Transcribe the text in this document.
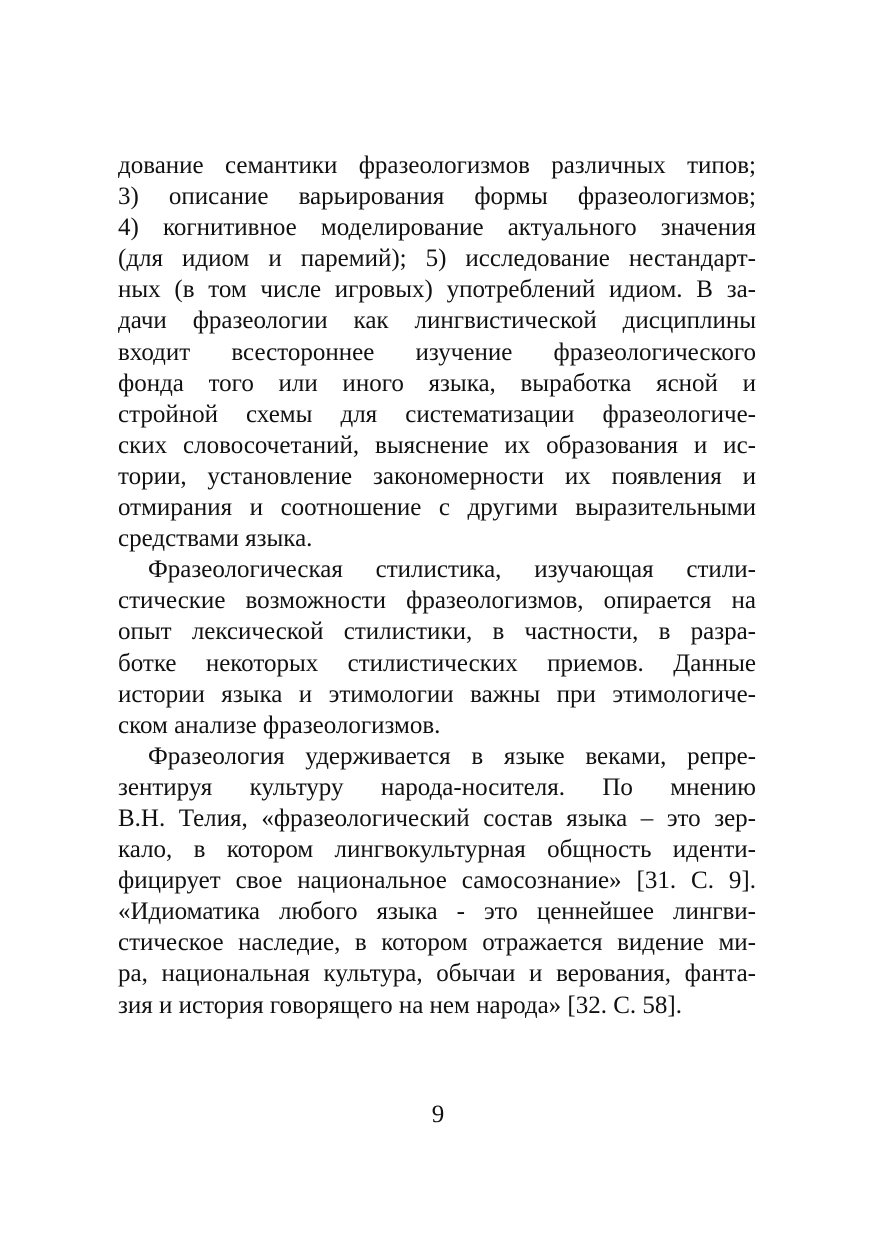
дование семантики фразеологизмов различных типов;
3) описание варьирования формы фразеологизмов;
4) когнитивное моделирование актуального значения
(для идиом и паремий); 5) исследование нестандарт-
ных (в том числе игровых) употреблений идиом. В за-
дачи фразеологии как лингвистической дисциплины
входит всестороннее изучение фразеологического
фонда того или иного языка, выработка ясной и
стройной схемы для систематизации фразеологиче-
ских словосочетаний, выяснение их образования и ис-
тории, установление закономерности их появления и
отмирания и соотношение с другими выразительными
средствами языка.
Фразеологическая стилистика, изучающая стили-
стические возможности фразеологизмов, опирается на
опыт лексической стилистики, в частности, в разра-
ботке некоторых стилистических приемов. Данные
истории языка и этимологии важны при этимологиче-
ском анализе фразеологизмов.
Фразеология удерживается в языке веками, репре-
зентируя культуру народа-носителя. По мнению
В.Н. Телия, «фразеологический состав языка – это зер-
кало, в котором лингвокультурная общность иденти-
фицирует свое национальное самосознание» [31. С. 9].
«Идиоматика любого языка - это ценнейшее лингви-
стическое наследие, в котором отражается видение ми-
ра, национальная культура, обычаи и верования, фанта-
зия и история говорящего на нем народа» [32. С. 58].
9
